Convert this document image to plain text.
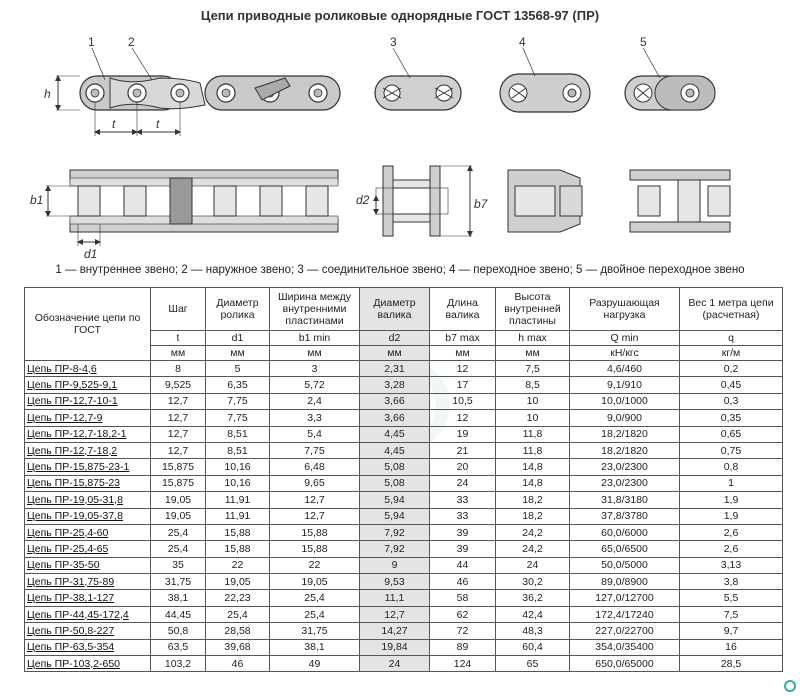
Цепи приводные роликовые однорядные ГОСТ 13568-97 (ПР)
1	2	3	4	5
h
t	t
b1
d1
d2	b7
1 — внутреннее звено; 2 — наружное звено; 3 — соединительное звено; 4 — переходное звено; 5 — двойное переходное звено
Обозначение цепи по ГОСТ	Шаг	Диаметр ролика	Ширина между внутренними пластинами	Диаметр валика	Длина валика	Высота внутренней пластины	Разрушающая нагрузка	Вес 1 метра цепи (расчетная)
	t	d1	b1 min	d2	b7 max	h max	Q min	q
	мм	мм	мм	мм	мм	мм	кН/кгс	кг/м
Цепь ПР-8-4,6	8	5	3	2,31	12	7,5	4,6/460	0,2
Цепь ПР-9,525-9,1	9,525	6,35	5,72	3,28	17	8,5	9,1/910	0,45
Цепь ПР-12,7-10-1	12,7	7,75	2,4	3,66	10,5	10	10,0/1000	0,3
Цепь ПР-12,7-9	12,7	7,75	3,3	3,66	12	10	9,0/900	0,35
Цепь ПР-12,7-18,2-1	12,7	8,51	5,4	4,45	19	11,8	18,2/1820	0,65
Цепь ПР-12,7-18,2	12,7	8,51	7,75	4,45	21	11,8	18,2/1820	0,75
Цепь ПР-15,875-23-1	15,875	10,16	6,48	5,08	20	14,8	23,0/2300	0,8
Цепь ПР-15,875-23	15,875	10,16	9,65	5,08	24	14,8	23,0/2300	1
Цепь ПР-19,05-31,8	19,05	11,91	12,7	5,94	33	18,2	31,8/3180	1,9
Цепь ПР-19,05-37,8	19,05	11,91	12,7	5,94	33	18,2	37,8/3780	1,9
Цепь ПР-25,4-60	25,4	15,88	15,88	7,92	39	24,2	60,0/6000	2,6
Цепь ПР-25,4-65	25,4	15,88	15,88	7,92	39	24,2	65,0/6500	2,6
Цепь ПР-35-50	35	22	22	9	44	24	50,0/5000	3,13
Цепь ПР-31,75-89	31,75	19,05	19,05	9,53	46	30,2	89,0/8900	3,8
Цепь ПР-38,1-127	38,1	22,23	25,4	11,1	58	36,2	127,0/12700	5,5
Цепь ПР-44,45-172,4	44,45	25,4	25,4	12,7	62	42,4	172,4/17240	7,5
Цепь ПР-50,8-227	50,8	28,58	31,75	14,27	72	48,3	227,0/22700	9,7
Цепь ПР-63,5-354	63,5	39,68	38,1	19,84	89	60,4	354,0/35400	16
Цепь ПР-103,2-650	103,2	46	49	24	124	65	650,0/65000	28,5
